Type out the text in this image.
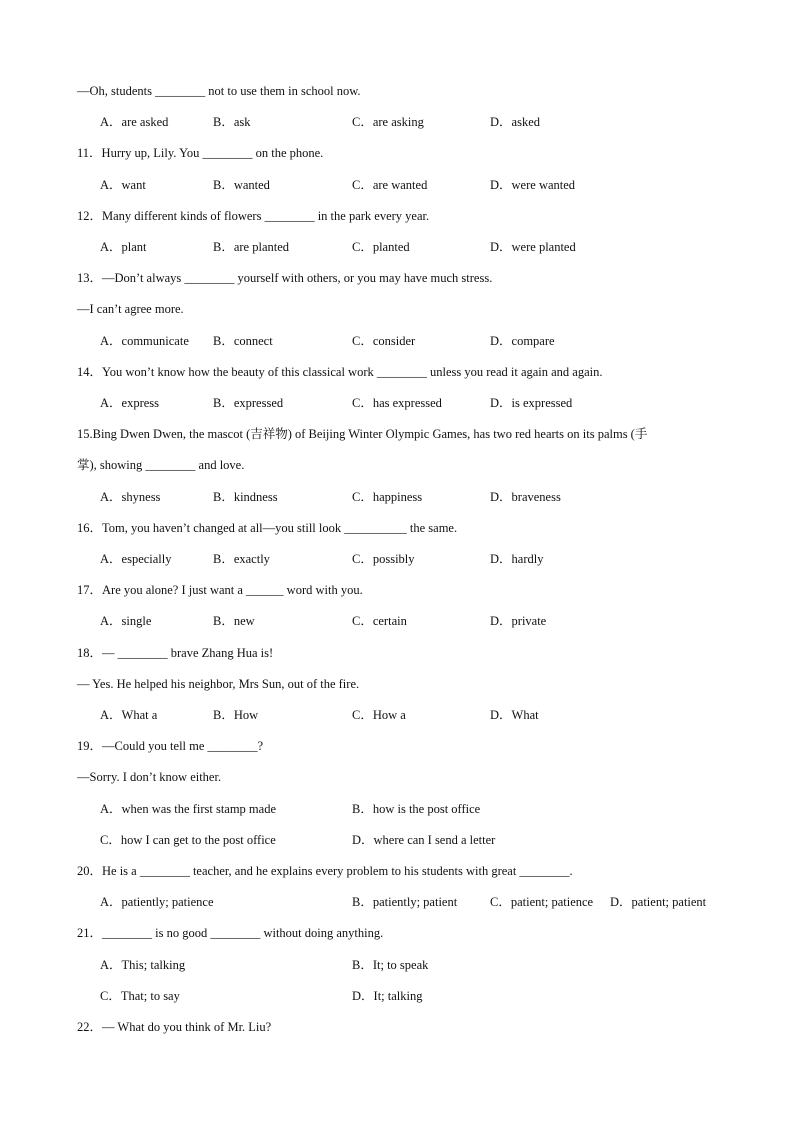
—Oh, students ________ not to use them in school now.
A．are asked	B．ask	C．are asking	D．asked
11．Hurry up, Lily. You ________ on the phone.
A．want	B．wanted	C．are wanted	D．were wanted
12．Many different kinds of flowers ________ in the park every year.
A．plant	B．are planted	C．planted	D．were planted
13．—Don’t always ________ yourself with others, or you may have much stress.
—I can’t agree more.
A．communicate B．connect	C．consider	D．compare
14．You won’t know how the beauty of this classical work ________ unless you read it again and again.
A．express	B．expressed	C．has expressed	D．is expressed
15.Bing Dwen Dwen, the mascot (吉祥物) of Beijing Winter Olympic Games, has two red hearts on its palms (手
掌), showing ________ and love.
A．shyness	B．kindness	C．happiness	D．braveness
16．Tom, you haven’t changed at all—you still look __________ the same.
A．especially	B．exactly	C．possibly	D．hardly
17．Are you alone? I just want a ______ word with you.
A．single	B．new	C．certain	D．private
18．— ________ brave Zhang Hua is!
— Yes. He helped his neighbor, Mrs Sun, out of the fire.
A．What a	B．How	C．How a	D．What
19．—Could you tell me ________?
—Sorry. I don’t know either.
A．when was the first stamp made	B．how is the post office
C．how I can get to the post office	D．where can I send a letter
20．He is a ________ teacher, and he explains every problem to his students with great ________.
A．patiently; patience	B．patiently; patient	C．patient; patience D．patient; patient
21．________ is no good ________ without doing anything.
A．This; talking	B．It; to speak
C．That; to say	D．It; talking
22．— What do you think of Mr. Liu?
